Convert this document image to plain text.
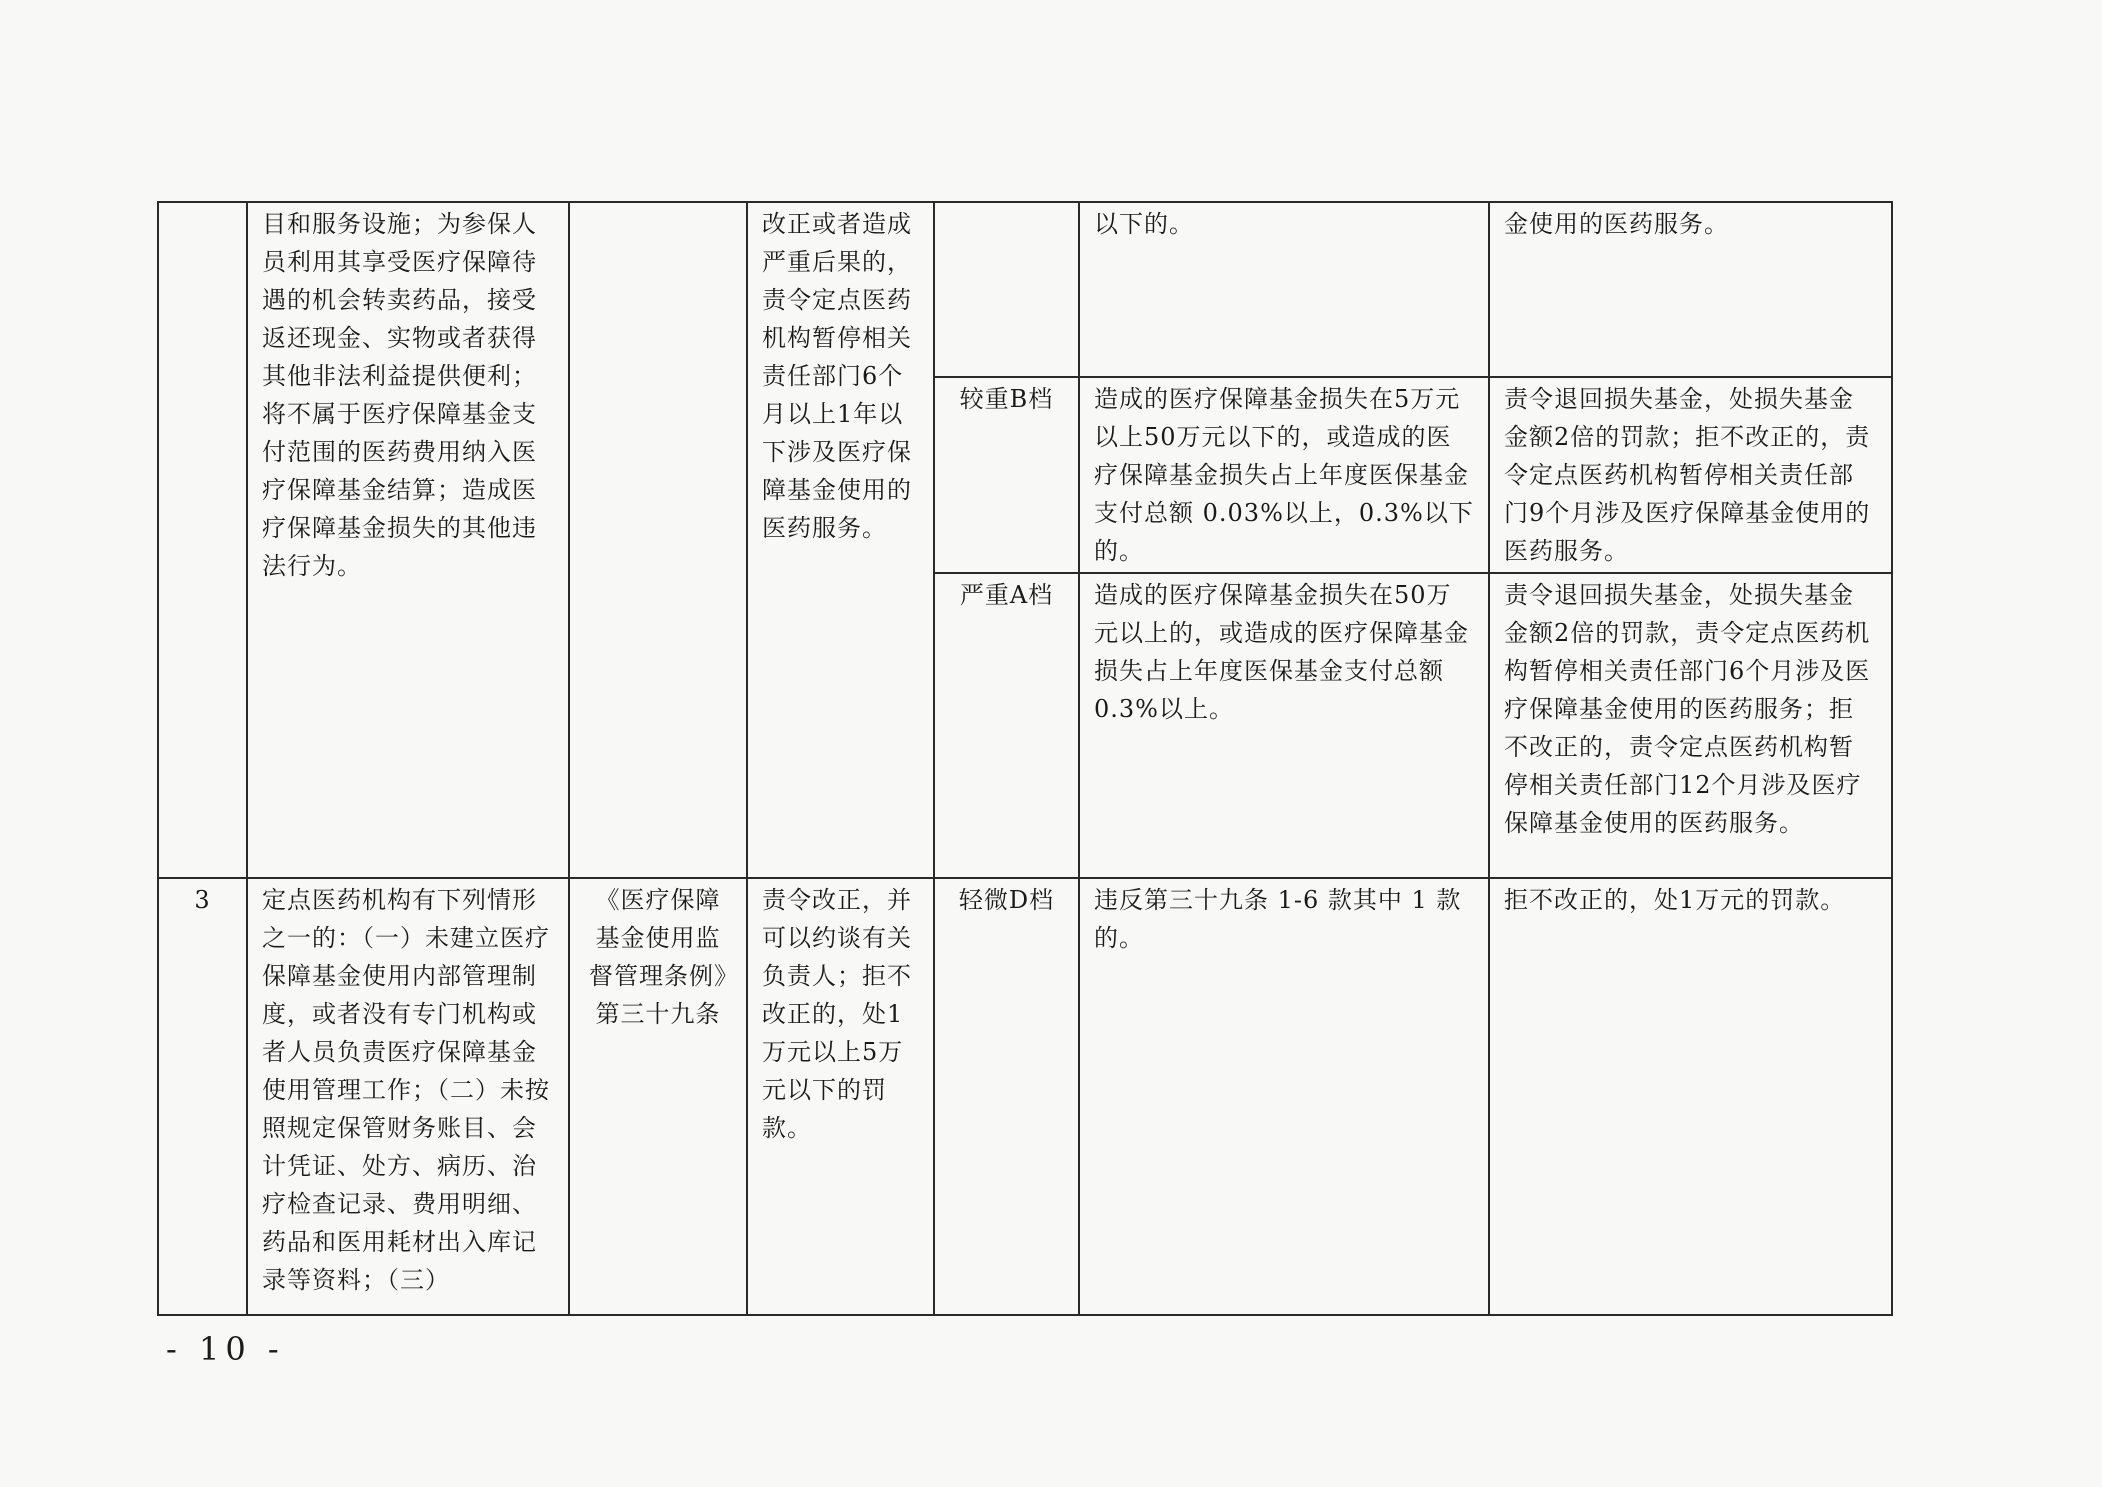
	目和服务设施；为参保人员利用其享受医疗保障待遇的机会转卖药品，接受返还现金、实物或者获得其他非法利益提供便利；将不属于医疗保障基金支付范围的医药费用纳入医疗保障基金结算；造成医疗保障基金损失的其他违法行为。		改正或者造成严重后果的，责令定点医药机构暂停相关责任部门6个月以上1年以下涉及医疗保障基金使用的医药服务。		以下的。	金使用的医药服务。
				较重B档	造成的医疗保障基金损失在5万元以上50万元以下的，或造成的医疗保障基金损失占上年度医保基金支付总额 0.03%以上，0.3%以下的。	责令退回损失基金，处损失基金金额2倍的罚款；拒不改正的，责令定点医药机构暂停相关责任部门9个月涉及医疗保障基金使用的医药服务。
				严重A档	造成的医疗保障基金损失在50万元以上的，或造成的医疗保障基金损失占上年度医保基金支付总额 0.3%以上。	责令退回损失基金，处损失基金金额2倍的罚款，责令定点医药机构暂停相关责任部门6个月涉及医疗保障基金使用的医药服务；拒不改正的，责令定点医药机构暂停相关责任部门12个月涉及医疗保障基金使用的医药服务。
3	定点医药机构有下列情形之一的：（一）未建立医疗保障基金使用内部管理制度，或者没有专门机构或者人员负责医疗保障基金使用管理工作；（二）未按照规定保管财务账目、会计凭证、处方、病历、治疗检查记录、费用明细、药品和医用耗材出入库记录等资料；（三）	《医疗保障基金使用监督管理条例》第三十九条	责令改正，并可以约谈有关负责人；拒不改正的，处1万元以上5万元以下的罚款。	轻微D档	违反第三十九条 1-6 款其中 1 款的。	拒不改正的，处1万元的罚款。
- 10 -
